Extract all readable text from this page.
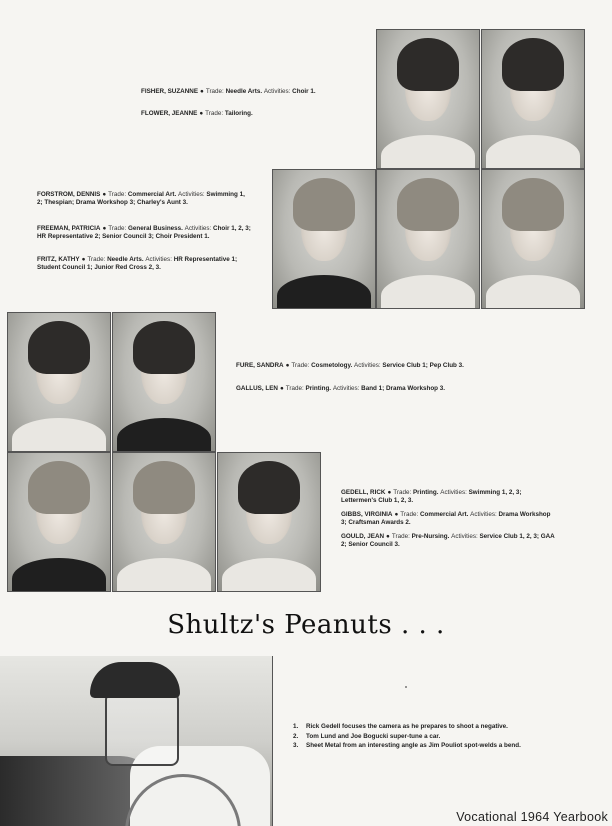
FISHER, SUZANNE ● Trade: Needle Arts. Activities: Choir 1.
FLOWER, JEANNE ● Trade: Tailoring.
FORSTROM, DENNIS ● Trade: Commercial Art. Activities: Swimming 1, 2; Thespian; Drama Workshop 3; Charley's Aunt 3.
FREEMAN, PATRICIA ● Trade: General Business. Activities: Choir 1, 2, 3; HR Representative 2; Senior Council 3; Choir President 1.
FRITZ, KATHY ● Trade: Needle Arts. Activities: HR Representative 1; Student Council 1; Junior Red Cross 2, 3.
FURE, SANDRA ● Trade: Cosmetology. Activities: Service Club 1; Pep Club 3.
GALLUS, LEN ● Trade: Printing. Activities: Band 1; Drama Workshop 3.
GEDELL, RICK ● Trade: Printing. Activities: Swimming 1, 2, 3; Lettermen's Club 1, 2, 3.
GIBBS, VIRGINIA ● Trade: Commercial Art. Activities: Drama Workshop 3; Craftsman Awards 2.
GOULD, JEAN ● Trade: Pre-Nursing. Activities: Service Club 1, 2, 3; GAA 2; Senior Council 3.
Shultz's Peanuts . . .
1. Rick Gedell focuses the camera as he prepares to shoot a negative.
2. Tom Lund and Joe Bogucki super-tune a car.
3. Sheet Metal from an interesting angle as Jim Pouliot spot-welds a bend.
Vocational 1964 Yearbook
